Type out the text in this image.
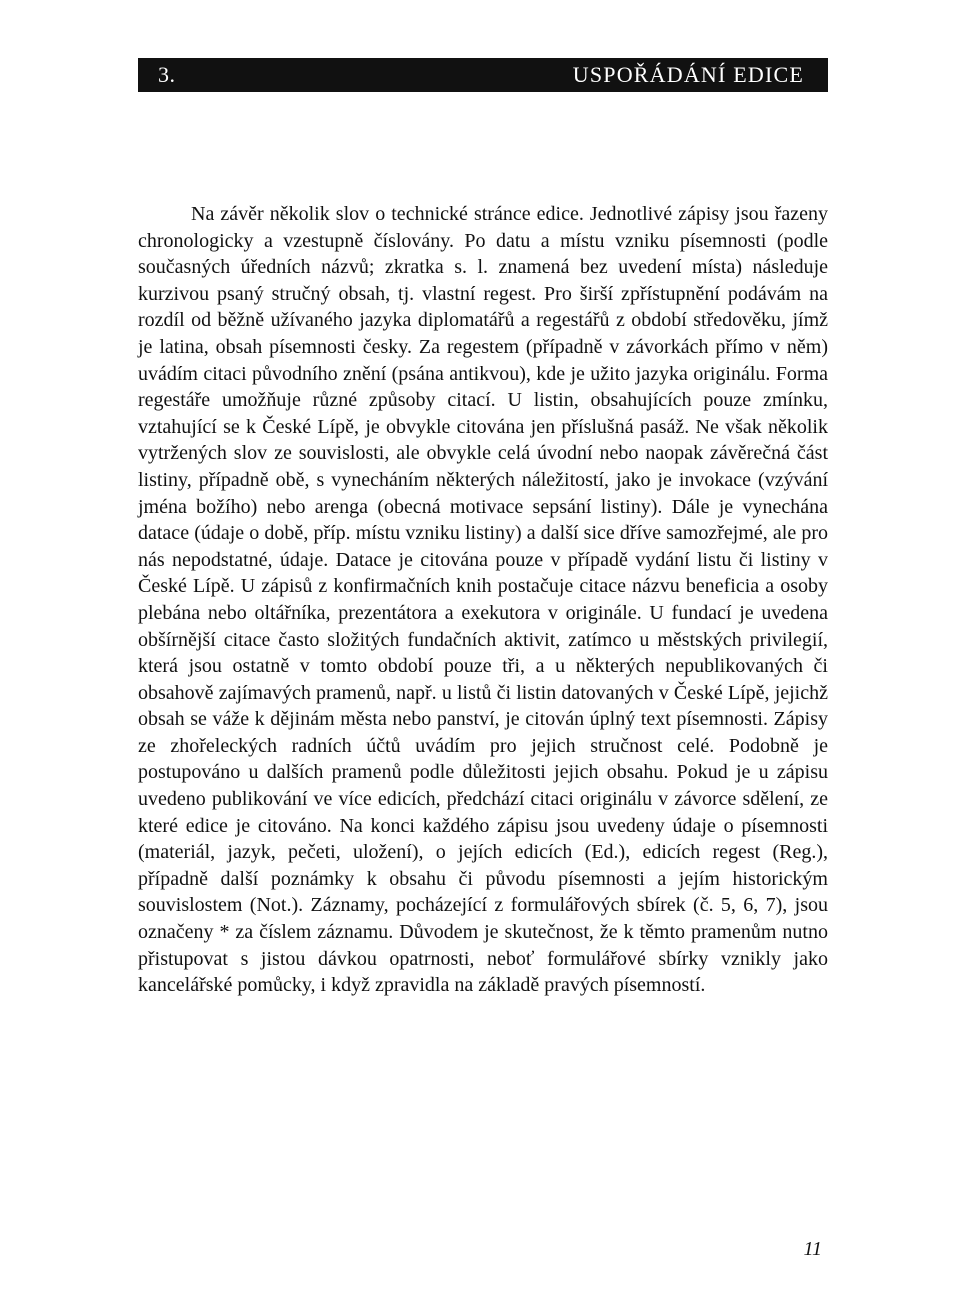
3.	USPOŘÁDÁNÍ EDICE

Na závěr několik slov o technické stránce edice. Jednotlivé zápisy jsou řazeny chronologicky a vzestupně číslovány. Po datu a místu vzniku písemnosti (podle současných úředních názvů; zkratka s. l. znamená bez uvedení místa) následuje kurzivou psaný stručný obsah, tj. vlastní regest. Pro širší zpřístupnění podávám na rozdíl od běžně užívaného jazyka diplomatářů a regestářů z období středověku, jímž je latina, obsah písemnosti česky. Za regestem (případně v závorkách přímo v něm) uvádím citaci původního znění (psána antikvou), kde je užito jazyka originálu. Forma regestáře umožňuje různé způsoby citací. U listin, obsahujících pouze zmínku, vztahující se k České Lípě, je obvykle citována jen příslušná pasáž. Ne však několik vytržených slov ze souvislosti, ale obvykle celá úvodní nebo naopak závěrečná část listiny, případně obě, s vynecháním některých náležitostí, jako je invokace (vzývání jména božího) nebo arenga (obecná motivace sepsání listiny). Dále je vynechána datace (údaje o době, příp. místu vzniku listiny) a další sice dříve samozřejmé, ale pro nás nepodstatné, údaje. Datace je citována pouze v případě vydání listu či listiny v České Lípě. U zápisů z konfirmačních knih postačuje citace názvu beneficia a osoby plebána nebo oltářníka, prezentátora a exekutora v originále. U fundací je uvedena obšírnější citace často složitých fundačních aktivit, zatímco u městských privilegií, která jsou ostatně v tomto období pouze tři, a u některých nepublikovaných či obsahově zajímavých pramenů, např. u listů či listin datovaných v České Lípě, jejichž obsah se váže k dějinám města nebo panství, je citován úplný text písemnosti. Zápisy ze zhořeleckých radních účtů uvádím pro jejich stručnost celé. Podobně je postupováno u dalších pramenů podle důležitosti jejich obsahu. Pokud je u zápisu uvedeno publikování ve více edicích, předchází citaci originálu v závorce sdělení, ze které edice je citováno. Na konci každého zápisu jsou uvedeny údaje o písemnosti (materiál, jazyk, pečeti, uložení), o jejích edicích (Ed.), edicích regest (Reg.), případně další poznámky k obsahu či původu písemnosti a jejím historickým souvislostem (Not.). Záznamy, pocházející z formulářových sbírek (č. 5, 6, 7), jsou označeny * za číslem záznamu. Důvodem je skutečnost, že k těmto pramenům nutno přistupovat s jistou dávkou opatrnosti, neboť formulářové sbírky vznikly jako kancelářské pomůcky, i když zpravidla na základě pravých písemností.

11
